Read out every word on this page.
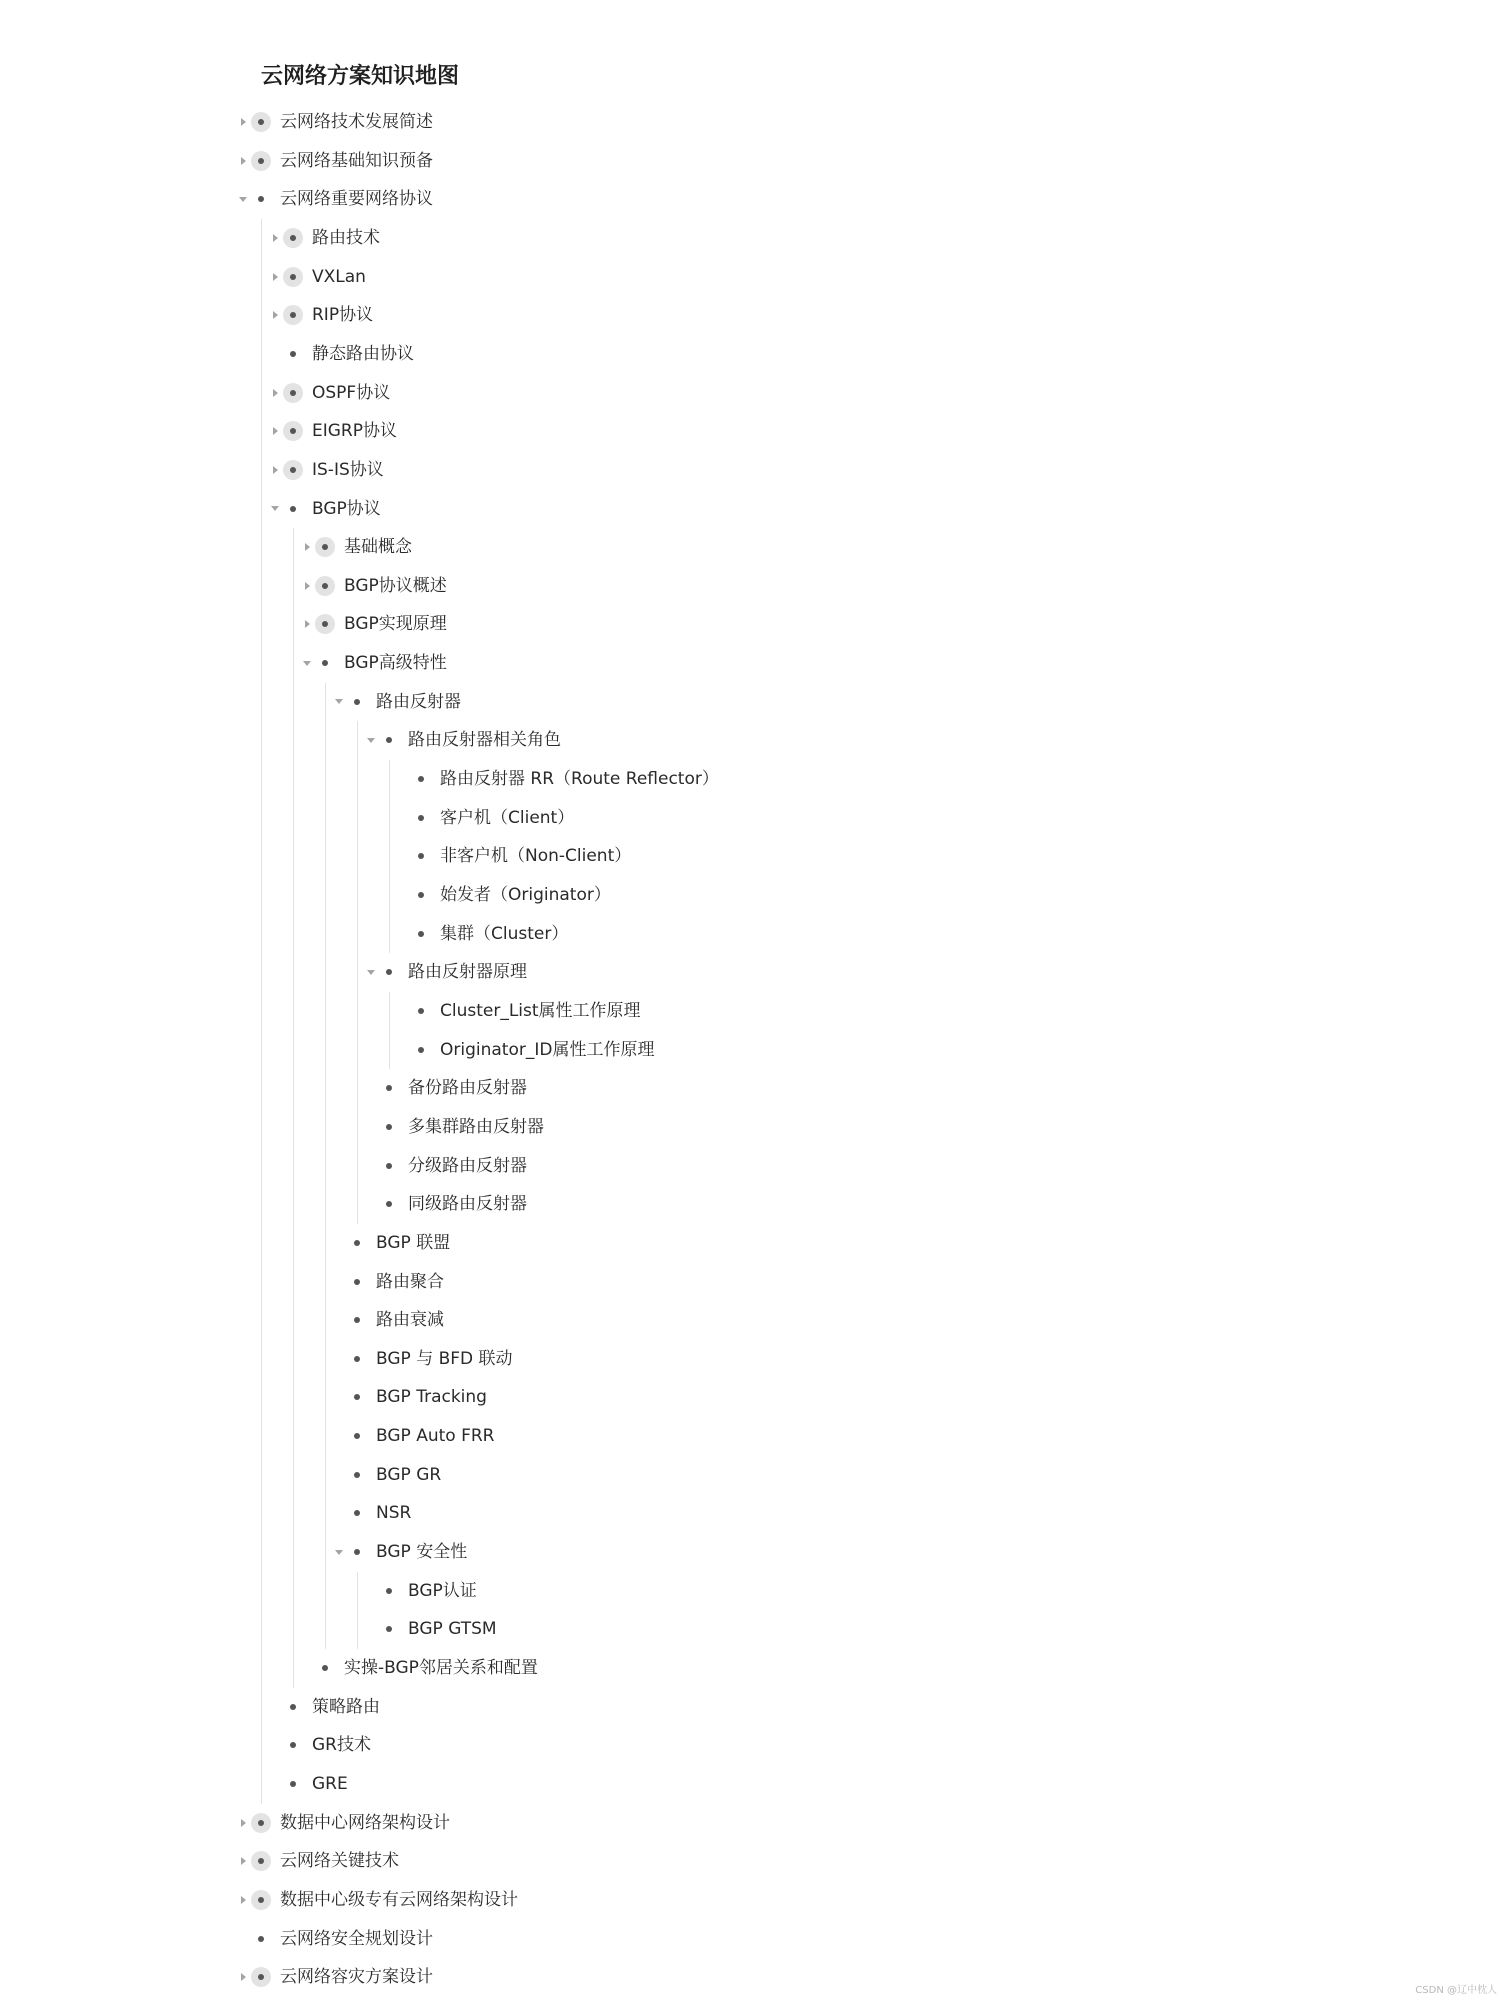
云网络方案知识地图
云网络技术发展简述
云网络基础知识预备
云网络重要网络协议
路由技术
VXLan
RIP协议
静态路由协议
OSPF协议
EIGRP协议
IS-IS协议
BGP协议
基础概念
BGP协议概述
BGP实现原理
BGP高级特性
路由反射器
路由反射器相关角色
路由反射器 RR（Route Reflector）
客户机（Client）
非客户机（Non-Client）
始发者（Originator）
集群（Cluster）
路由反射器原理
Cluster_List属性工作原理
Originator_ID属性工作原理
备份路由反射器
多集群路由反射器
分级路由反射器
同级路由反射器
BGP 联盟
路由聚合
路由衰减
BGP 与 BFD 联动
BGP Tracking
BGP Auto FRR
BGP GR
NSR
BGP 安全性
BGP认证
BGP GTSM
实操-BGP邻居关系和配置
策略路由
GR技术
GRE
数据中心网络架构设计
云网络关键技术
数据中心级专有云网络架构设计
云网络安全规划设计
云网络容灾方案设计
CSDN @辽中枕人
